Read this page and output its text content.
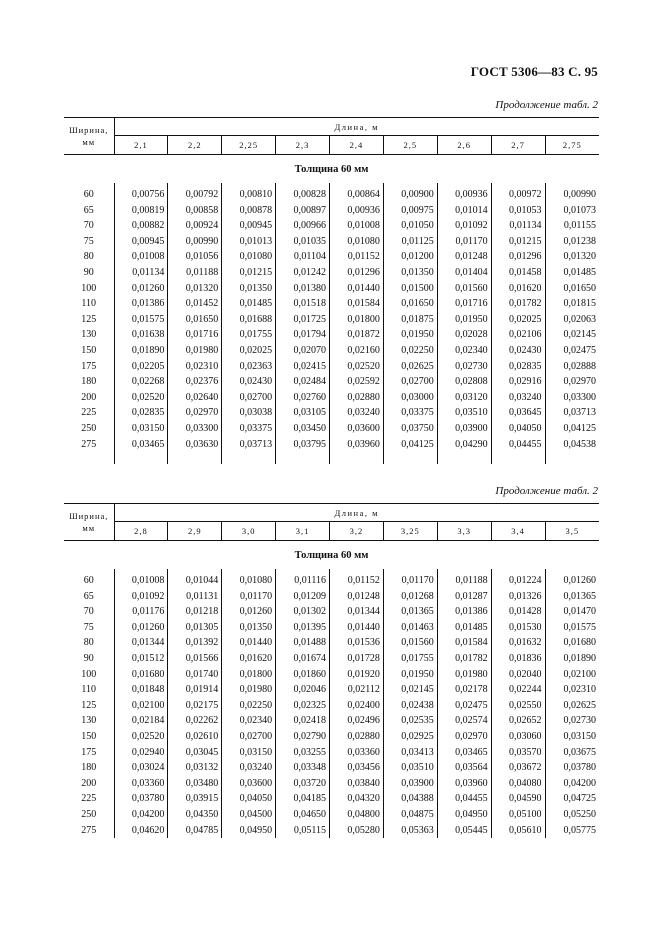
ГОСТ 5306—83 С. 95
Продолжение табл. 2
Ширина, мм	Длина, м								
	2,1	2,2	2,25	2,3	2,4	2,5	2,6	2,7	2,75
Толщина 60 мм									

60	0,00756	0,00792	0,00810	0,00828	0,00864	0,00900	0,00936	0,00972	0,00990
65	0,00819	0,00858	0,00878	0,00897	0,00936	0,00975	0,01014	0,01053	0,01073
70	0,00882	0,00924	0,00945	0,00966	0,01008	0,01050	0,01092	0,01134	0,01155
75	0,00945	0,00990	0,01013	0,01035	0,01080	0,01125	0,01170	0,01215	0,01238
80	0,01008	0,01056	0,01080	0,01104	0,01152	0,01200	0,01248	0,01296	0,01320
90	0,01134	0,01188	0,01215	0,01242	0,01296	0,01350	0,01404	0,01458	0,01485
100	0,01260	0,01320	0,01350	0,01380	0,01440	0,01500	0,01560	0,01620	0,01650
110	0,01386	0,01452	0,01485	0,01518	0,01584	0,01650	0,01716	0,01782	0,01815
125	0,01575	0,01650	0,01688	0,01725	0,01800	0,01875	0,01950	0,02025	0,02063
130	0,01638	0,01716	0,01755	0,01794	0,01872	0,01950	0,02028	0,02106	0,02145
150	0,01890	0,01980	0,02025	0,02070	0,02160	0,02250	0,02340	0,02430	0,02475
175	0,02205	0,02310	0,02363	0,02415	0,02520	0,02625	0,02730	0,02835	0,02888
180	0,02268	0,02376	0,02430	0,02484	0,02592	0,02700	0,02808	0,02916	0,02970
200	0,02520	0,02640	0,02700	0,02760	0,02880	0,03000	0,03120	0,03240	0,03300
225	0,02835	0,02970	0,03038	0,03105	0,03240	0,03375	0,03510	0,03645	0,03713
250	0,03150	0,03300	0,03375	0,03450	0,03600	0,03750	0,03900	0,04050	0,04125
275	0,03465	0,03630	0,03713	0,03795	0,03960	0,04125	0,04290	0,04455	0,04538

Продолжение табл. 2
Ширина, мм	Длина, м								
	2,8	2,9	3,0	3,1	3,2	3,25	3,3	3,4	3,5
Толщина 60 мм									

60	0,01008	0,01044	0,01080	0,01116	0,01152	0,01170	0,01188	0,01224	0,01260
65	0,01092	0,01131	0,01170	0,01209	0,01248	0,01268	0,01287	0,01326	0,01365
70	0,01176	0,01218	0,01260	0,01302	0,01344	0,01365	0,01386	0,01428	0,01470
75	0,01260	0,01305	0,01350	0,01395	0,01440	0,01463	0,01485	0,01530	0,01575
80	0,01344	0,01392	0,01440	0,01488	0,01536	0,01560	0,01584	0,01632	0,01680
90	0,01512	0,01566	0,01620	0,01674	0,01728	0,01755	0,01782	0,01836	0,01890
100	0,01680	0,01740	0,01800	0,01860	0,01920	0,01950	0,01980	0,02040	0,02100
110	0,01848	0,01914	0,01980	0,02046	0,02112	0,02145	0,02178	0,02244	0,02310
125	0,02100	0,02175	0,02250	0,02325	0,02400	0,02438	0,02475	0,02550	0,02625
130	0,02184	0,02262	0,02340	0,02418	0,02496	0,02535	0,02574	0,02652	0,02730
150	0,02520	0,02610	0,02700	0,02790	0,02880	0,02925	0,02970	0,03060	0,03150
175	0,02940	0,03045	0,03150	0,03255	0,03360	0,03413	0,03465	0,03570	0,03675
180	0,03024	0,03132	0,03240	0,03348	0,03456	0,03510	0,03564	0,03672	0,03780
200	0,03360	0,03480	0,03600	0,03720	0,03840	0,03900	0,03960	0,04080	0,04200
225	0,03780	0,03915	0,04050	0,04185	0,04320	0,04388	0,04455	0,04590	0,04725
250	0,04200	0,04350	0,04500	0,04650	0,04800	0,04875	0,04950	0,05100	0,05250
275	0,04620	0,04785	0,04950	0,05115	0,05280	0,05363	0,05445	0,05610	0,05775
